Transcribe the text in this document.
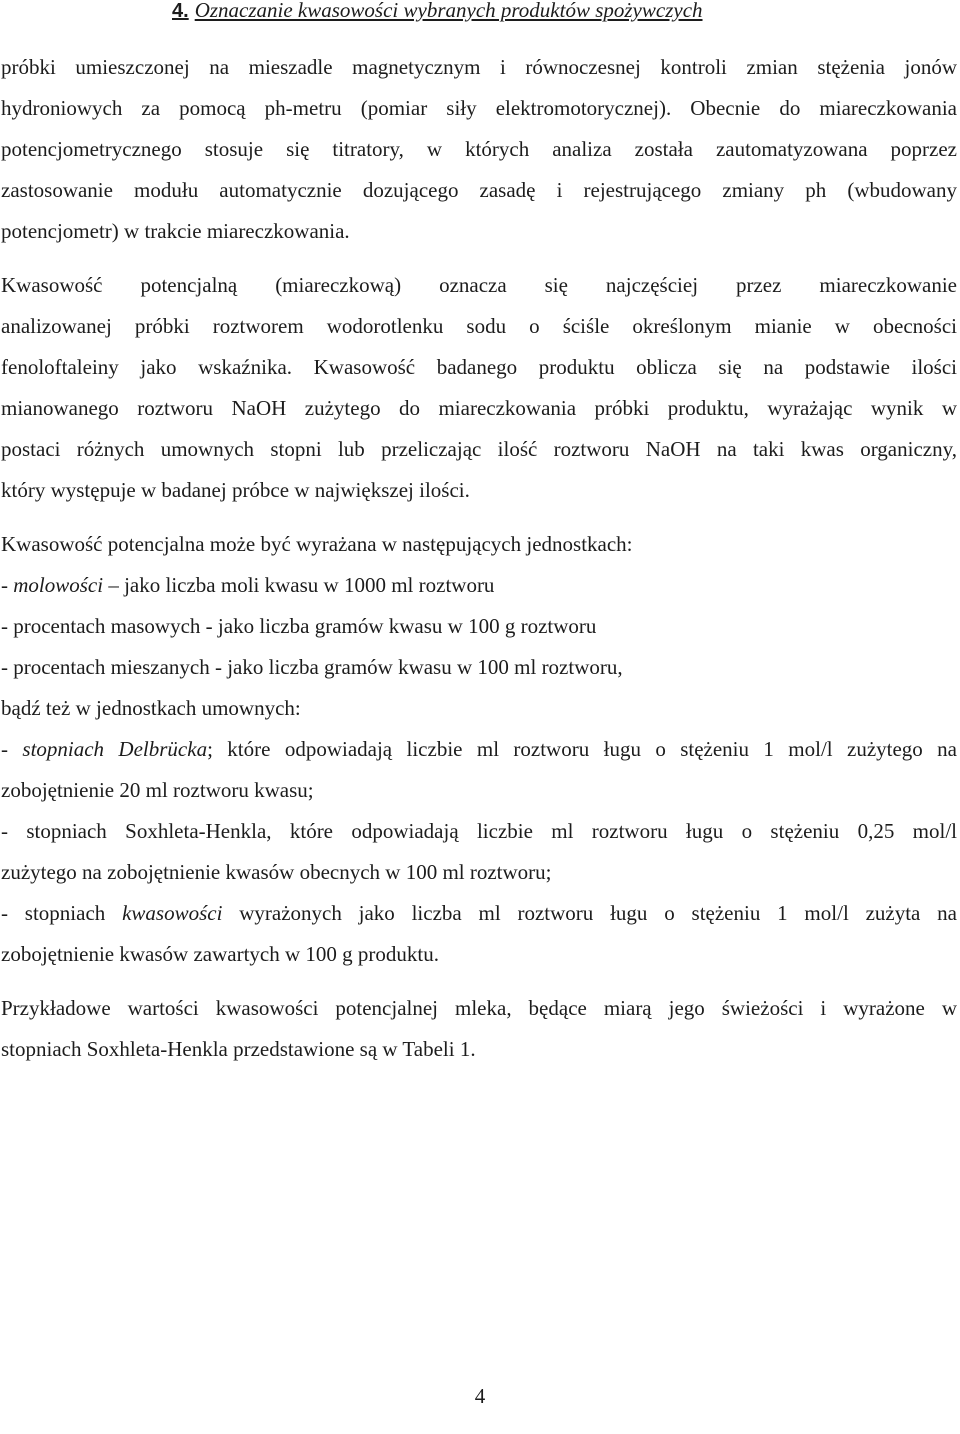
4. Oznaczanie kwasowości wybranych produktów spożywczych
próbki umieszczonej na mieszadle magnetycznym i równoczesnej kontroli zmian stężenia jonów
hydroniowych za pomocą ph-metru (pomiar siły elektromotorycznej). Obecnie do miareczkowania
potencjometrycznego stosuje się titratory, w których analiza została zautomatyzowana poprzez
zastosowanie modułu automatycznie dozującego zasadę i rejestrującego zmiany ph (wbudowany
potencjometr) w trakcie miareczkowania.
Kwasowość potencjalną (miareczkową) oznacza się najczęściej przez miareczkowanie
analizowanej próbki roztworem wodorotlenku sodu o ściśle określonym mianie w obecności
fenoloftaleiny jako wskaźnika. Kwasowość badanego produktu oblicza się na podstawie ilości
mianowanego roztworu NaOH zużytego do miareczkowania próbki produktu, wyrażając wynik w
postaci różnych umownych stopni lub przeliczając ilość roztworu NaOH na taki kwas organiczny,
który występuje w badanej próbce w największej ilości.
Kwasowość potencjalna może być wyrażana w następujących jednostkach:
- molowości – jako liczba moli kwasu w 1000 ml roztworu
- procentach masowych - jako liczba gramów kwasu w 100 g roztworu
- procentach mieszanych - jako liczba gramów kwasu w 100 ml roztworu,
bądź też w jednostkach umownych:
- stopniach Delbrücka; które odpowiadają liczbie ml roztworu ługu o stężeniu 1 mol/l zużytego na
zobojętnienie 20 ml roztworu kwasu;
- stopniach Soxhleta-Henkla, które odpowiadają liczbie ml roztworu ługu o stężeniu 0,25 mol/l
zużytego na zobojętnienie kwasów obecnych w 100 ml roztworu;
- stopniach kwasowości wyrażonych jako liczba ml roztworu ługu o stężeniu 1 mol/l zużyta na
zobojętnienie kwasów zawartych w 100 g produktu.
Przykładowe wartości kwasowości potencjalnej mleka, będące miarą jego świeżości i wyrażone w
stopniach Soxhleta-Henkla przedstawione są w Tabeli 1.
4
